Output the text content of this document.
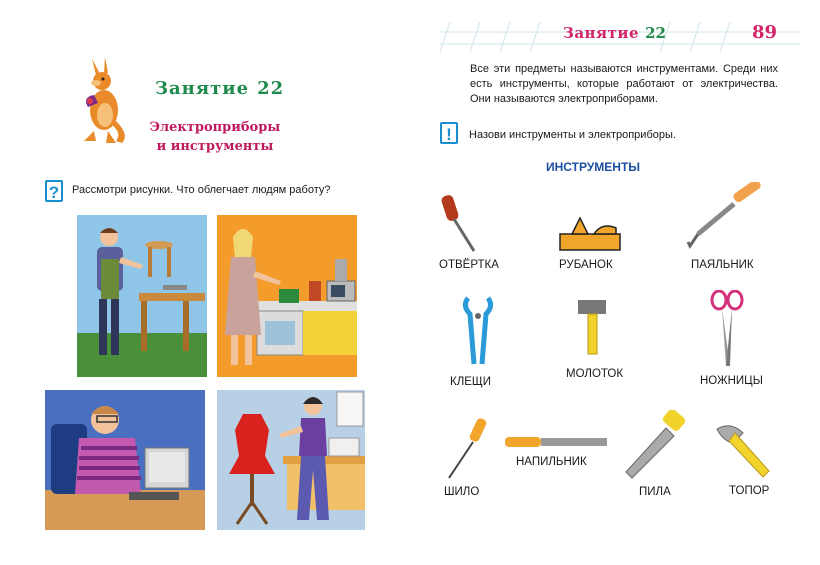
Занятие 22
Электроприборы
и инструменты
?	Рассмотри рисунки. Что облегчает людям работу?
Занятие 22	89
Все эти предметы называются инструментами. Среди них есть инструменты, которые работают от электричества. Они называются электроприборами.
!	Назови инструменты и электроприборы.
ИНСТРУМЕНТЫ
ОТВЁРТКА	РУБАНОК	ПАЯЛЬНИК
КЛЕЩИ
МОЛОТОК
НОЖНИЦЫ
ШИЛО
НАПИЛЬНИК
ПИЛА	ТОПОР
